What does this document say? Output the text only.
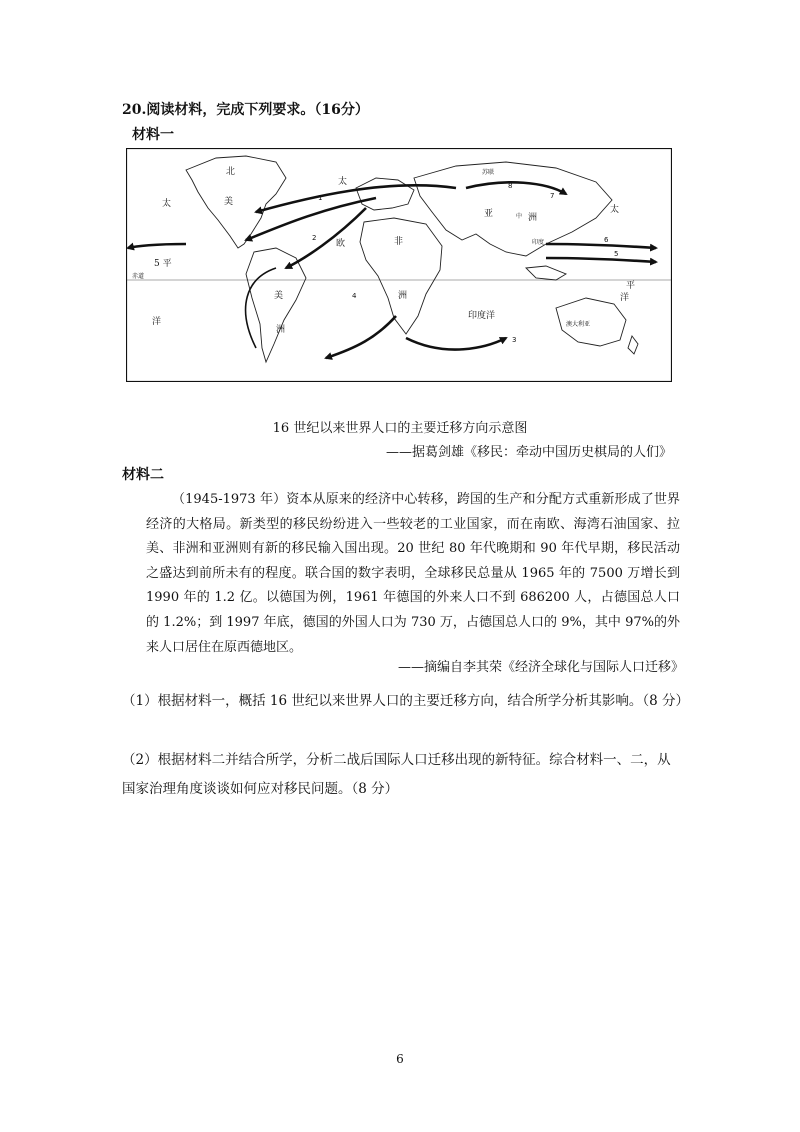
20.阅读材料，完成下列要求。（16分）
材料一
北
太
太	美
5 平
欧
亚	中 洲
非
洲
美
洲
洋
洋
印度洋
太
平
澳大利亚
赤道
苏联
印度
1
2
3
4
5
6
7
8
16 世纪以来世界人口的主要迁移方向示意图
——据葛剑雄《移民：牵动中国历史棋局的人们》
材料二

（1945-1973 年）资本从原来的经济中心转移，跨国的生产和分配方式重新形成了世界经济的大格局。新类型的移民纷纷进入一些较老的工业国家，而在南欧、海湾石油国家、拉美、非洲和亚洲则有新的移民输入国出现。20 世纪 80 年代晚期和 90 年代早期，移民活动之盛达到前所未有的程度。联合国的数字表明，全球移民总量从 1965 年的 7500 万增长到 1990 年的 1.2 亿。以德国为例，1961 年德国的外来人口不到 686200 人，占德国总人口的 1.2%；到 1997 年底，德国的外国人口为 730 万，占德国总人口的 9%，其中 97%的外来人口居住在原西德地区。

——摘编自李其荣《经济全球化与国际人口迁移》
（1）根据材料一，概括 16 世纪以来世界人口的主要迁移方向，结合所学分析其影响。（8 分）
（2）根据材料二并结合所学，分析二战后国际人口迁移出现的新特征。综合材料一、二，从国家治理角度谈谈如何应对移民问题。（8 分）
6
